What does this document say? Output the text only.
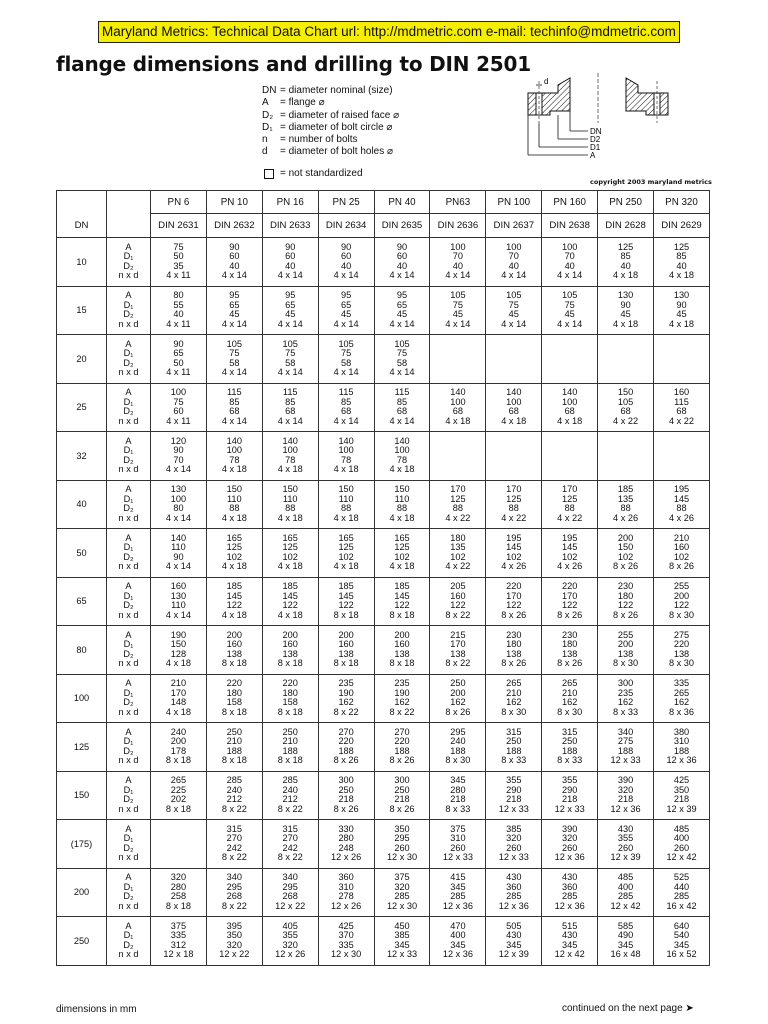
Maryland Metrics: Technical Data Chart url: http://mdmetric.com e-mail: techinfo@mdmetric.com
flange dimensions and drilling to DIN 2501
DN = diameter nominal (size)
A = flange ⌀
D₂ = diameter of raised face ⌀
D₁ = diameter of bolt circle ⌀
n = number of bolts
d = diameter of bolt holes ⌀
= not standardized
d
DN
D2
D1
A
copyright 2003 maryland metrics
		PN 6	PN 10	PN 16	PN 25	PN 40	PN63	PN 100	PN 160	PN 250	PN 320
DN		DIN 2631	DIN 2632	DIN 2633	DIN 2634	DIN 2635	DIN 2636	DIN 2637	DIN 2638	DIN 2628	DIN 2629
10	A
D₁
D₂
n x d	75
50
35
4 x 11	90
60
40
4 x 14	90
60
40
4 x 14	90
60
40
4 x 14	90
60
40
4 x 14	100
70
40
4 x 14	100
70
40
4 x 14	100
70
40
4 x 14	125
85
40
4 x 18	125
85
40
4 x 18

15	A
D₁
D₂
n x d	80
55
40
4 x 11	95
65
45
4 x 14	95
65
45
4 x 14	95
65
45
4 x 14	95
65
45
4 x 14	105
75
45
4 x 14	105
75
45
4 x 14	105
75
45
4 x 14	130
90
45
4 x 18	130
90
45
4 x 18

20	A
D₁
D₂
n x d	90
65
50
4 x 11	105
75
58
4 x 14	105
75
58
4 x 14	105
75
58
4 x 14	105
75
58
4 x 14					

25	A
D₁
D₂
n x d	100
75
60
4 x 11	115
85
68
4 x 14	115
85
68
4 x 14	115
85
68
4 x 14	115
85
68
4 x 14	140
100
68
4 x 18	140
100
68
4 x 18	140
100
68
4 x 18	150
105
68
4 x 22	160
115
68
4 x 22

32	A
D₁
D₂
n x d	120
90
70
4 x 14	140
100
78
4 x 18	140
100
78
4 x 18	140
100
78
4 x 18	140
100
78
4 x 18					

40	A
D₁
D₂
n x d	130
100
80
4 x 14	150
110
88
4 x 18	150
110
88
4 x 18	150
110
88
4 x 18	150
110
88
4 x 18	170
125
88
4 x 22	170
125
88
4 x 22	170
125
88
4 x 22	185
135
88
4 x 26	195
145
88
4 x 26

50	A
D₁
D₂
n x d	140
110
90
4 x 14	165
125
102
4 x 18	165
125
102
4 x 18	165
125
102
4 x 18	165
125
102
4 x 18	180
135
102
4 x 22	195
145
102
4 x 26	195
145
102
4 x 26	200
150
102
8 x 26	210
160
102
8 x 26

65	A
D₁
D₂
n x d	160
130
110
4 x 14	185
145
122
4 x 18	185
145
122
4 x 18	185
145
122
8 x 18	185
145
122
8 x 18	205
160
122
8 x 22	220
170
122
8 x 26	220
170
122
8 x 26	230
180
122
8 x 26	255
200
122
8 x 30

80	A
D₁
D₂
n x d	190
150
128
4 x 18	200
160
138
8 x 18	200
160
138
8 x 18	200
160
138
8 x 18	200
160
138
8 x 18	215
170
138
8 x 22	230
180
138
8 x 26	230
180
138
8 x 26	255
200
138
8 x 30	275
220
138
8 x 30

100	A
D₁
D₂
n x d	210
170
148
4 x 18	220
180
158
8 x 18	220
180
158
8 x 18	235
190
162
8 x 22	235
190
162
8 x 22	250
200
162
8 x 26	265
210
162
8 x 30	265
210
162
8 x 30	300
235
162
8 x 33	335
265
162
8 x 36

125	A
D₁
D₂
n x d	240
200
178
8 x 18	250
210
188
8 x 18	250
210
188
8 x 18	270
220
188
8 x 26	270
220
188
8 x 26	295
240
188
8 x 30	315
250
188
8 x 33	315
250
188
8 x 33	340
275
188
12 x 33	380
310
188
12 x 36

150	A
D₁
D₂
n x d	265
225
202
8 x 18	285
240
212
8 x 22	285
240
212
8 x 22	300
250
218
8 x 26	300
250
218
8 x 26	345
280
218
8 x 33	355
290
218
12 x 33	355
290
218
12 x 33	390
320
218
12 x 36	425
350
218
12 x 39

(175)	A
D₁
D₂
n x d		315
270
242
8 x 22	315
270
242
8 x 22	330
280
248
12 x 26	350
295
260
12 x 30	375
310
260
12 x 33	385
320
260
12 x 33	390
320
260
12 x 36	430
355
260
12 x 39	485
400
260
12 x 42

200	A
D₁
D₂
n x d	320
280
258
8 x 18	340
295
268
8 x 22	340
295
268
12 x 22	360
310
278
12 x 26	375
320
285
12 x 30	415
345
285
12 x 36	430
360
285
12 x 36	430
360
285
12 x 36	485
400
285
12 x 42	525
440
285
16 x 42

250	A
D₁
D₂
n x d	375
335
312
12 x 18	395
350
320
12 x 22	405
355
320
12 x 26	425
370
335
12 x 30	450
385
345
12 x 33	470
400
345
12 x 36	505
430
345
12 x 39	515
430
345
12 x 42	585
490
345
16 x 48	640
540
345
16 x 52
dimensions in mm	continued on the next page ➤
